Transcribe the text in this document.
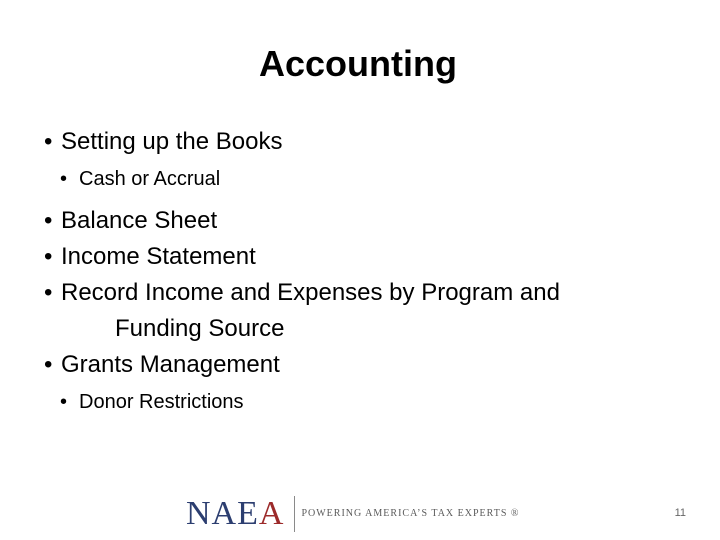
Accounting
• Setting up the Books
• Cash or Accrual
• Balance Sheet
• Income Statement
• Record Income and Expenses by Program and
Funding Source
• Grants Management
• Donor Restrictions
NAEA POWERING AMERICA’S TAX EXPERTS ®	11
